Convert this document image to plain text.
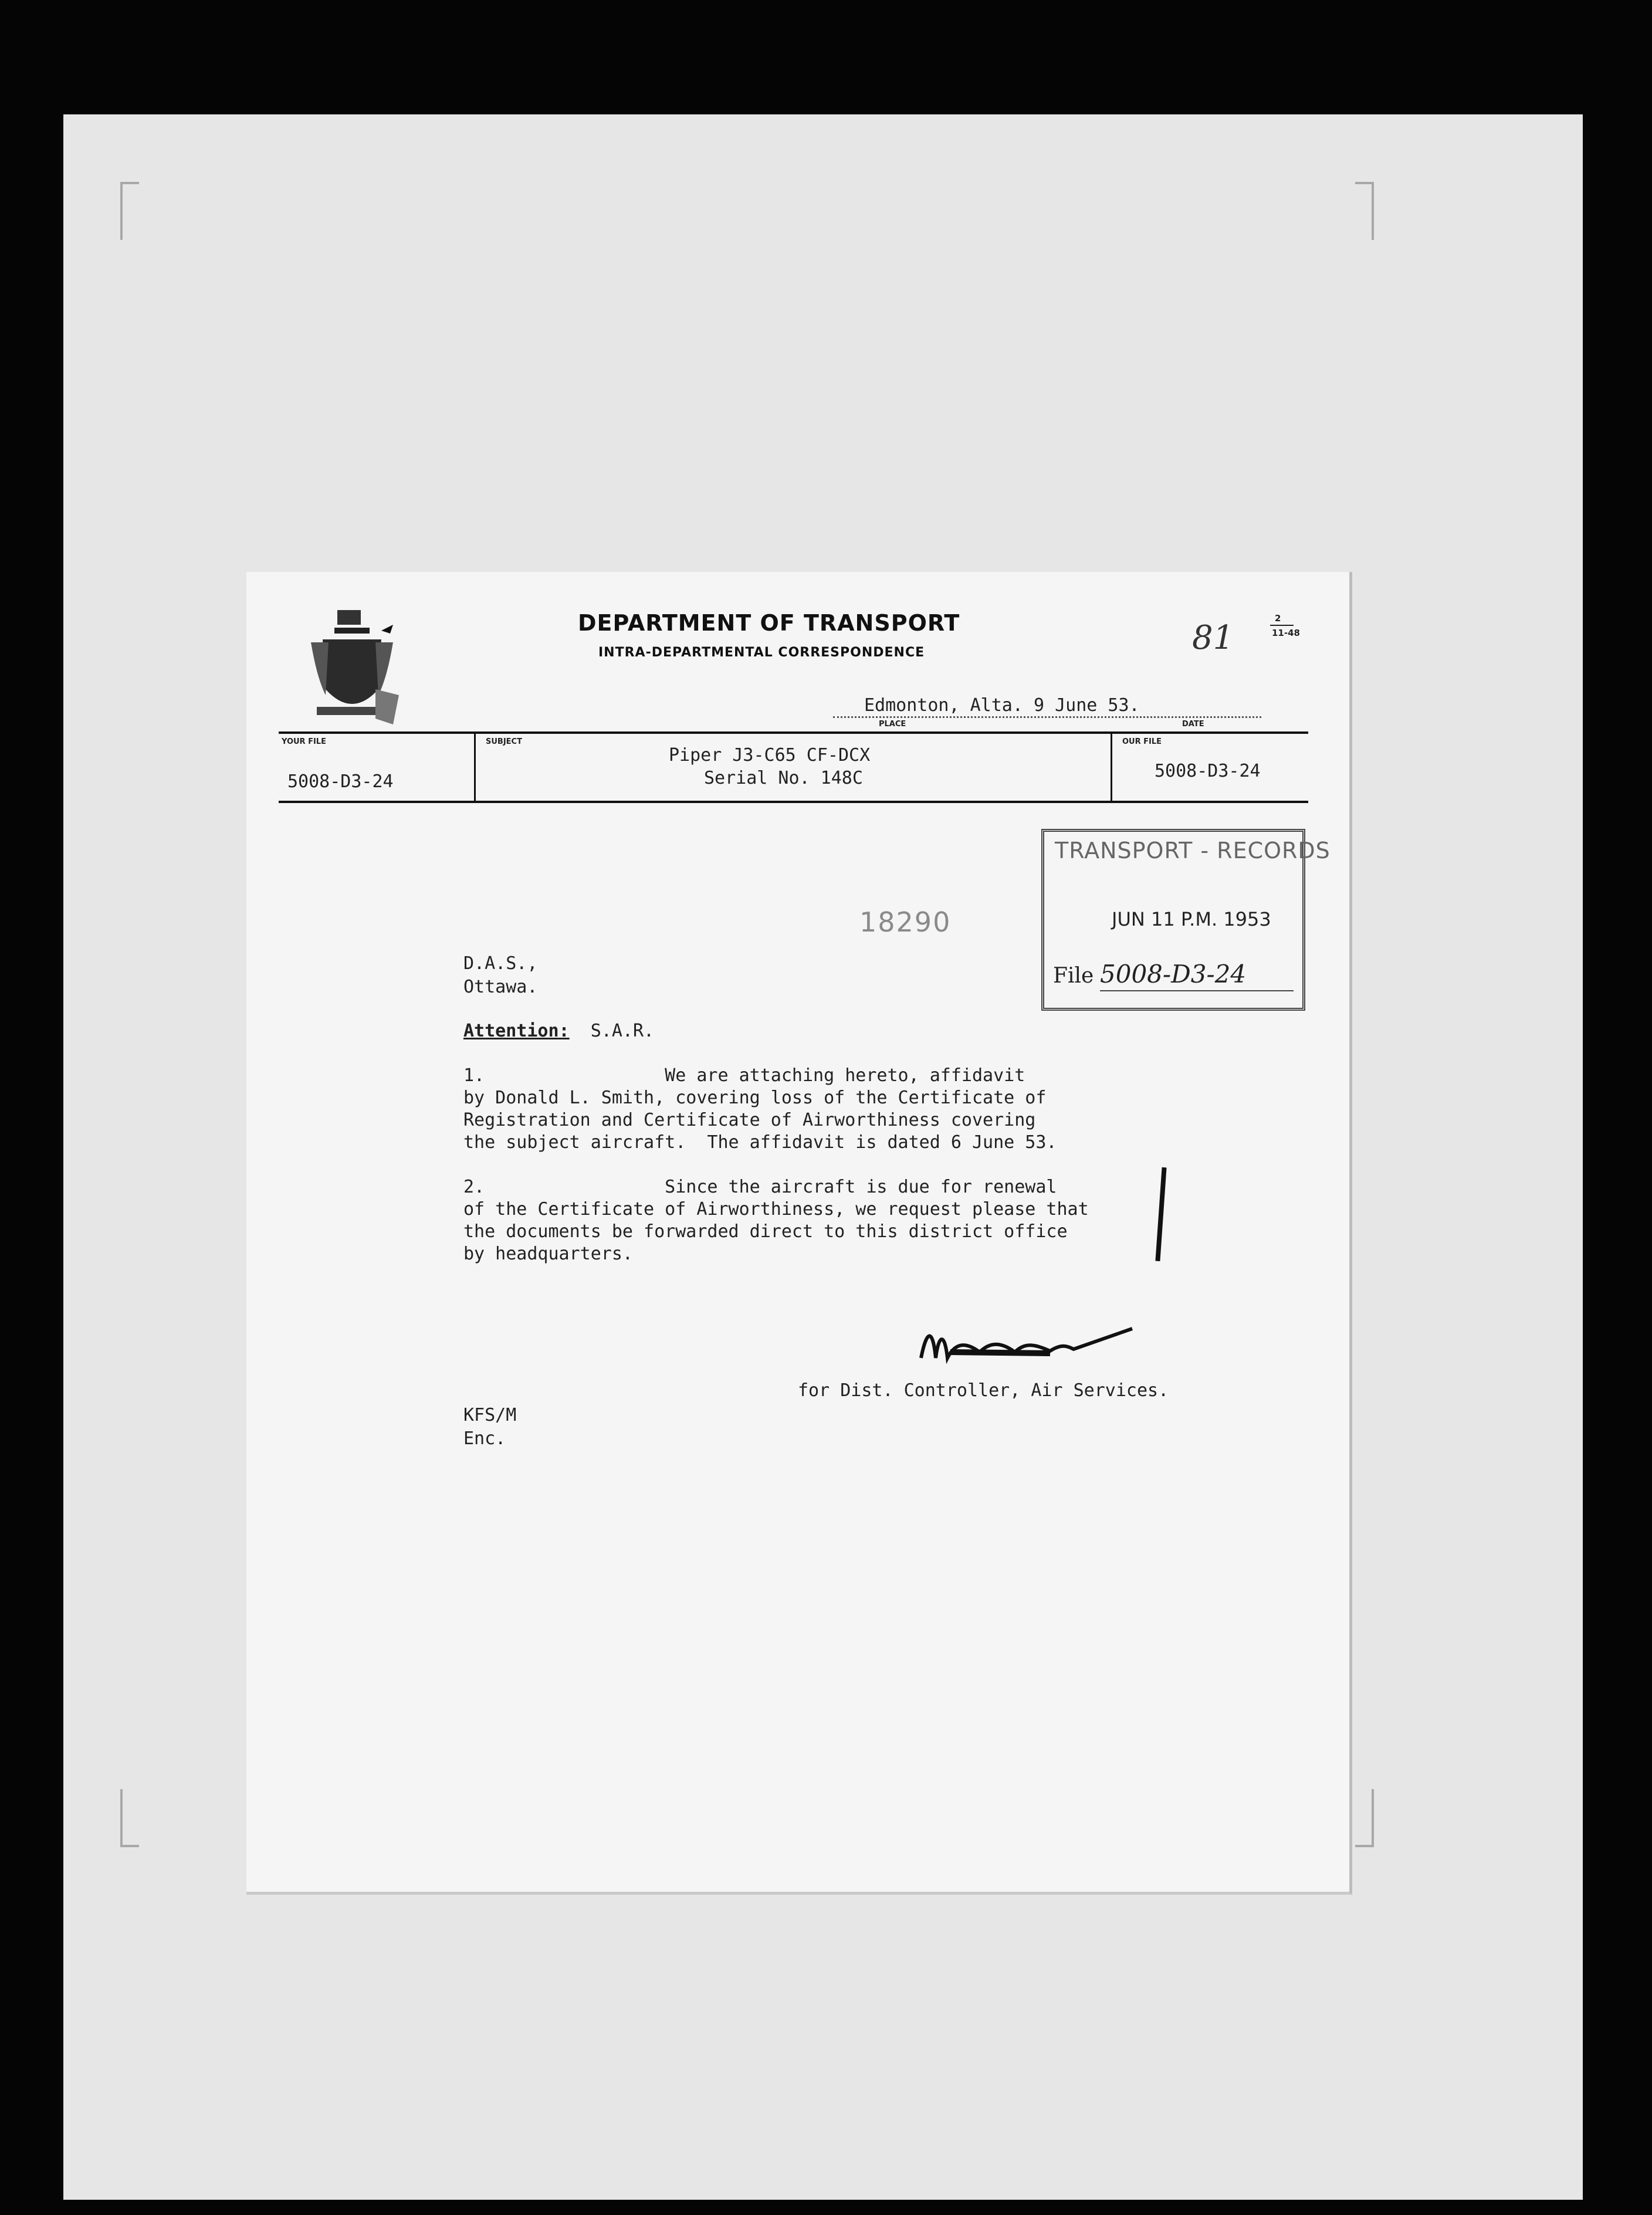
DEPARTMENT OF TRANSPORT

INTRA-DEPARTMENTAL CORRESPONDENCE

2

11-48

81

Edmonton, Alta. 9 June 53.

PLACE	DATE

YOUR FILE

5008-D3-24

SUBJECT

Piper J3-C65 CF-DCX

Serial No. 148C

OUR FILE

5008-D3-24

TRANSPORT - RECORDS

JUN 11 P.M. 1953

File 5008-D3-24

18290

D.A.S.,

Ottawa.

Attention: S.A.R.

1.                 We are attaching hereto, affidavit
by Donald L. Smith, covering loss of the Certificate of
Registration and Certificate of Airworthiness covering
the subject aircraft.  The affidavit is dated 6 June 53.

2.                 Since the aircraft is due for renewal
of the Certificate of Airworthiness, we request please that
the documents be forwarded direct to this district office
by headquarters.

for Dist. Controller, Air Services.

KFS/M

Enc.
